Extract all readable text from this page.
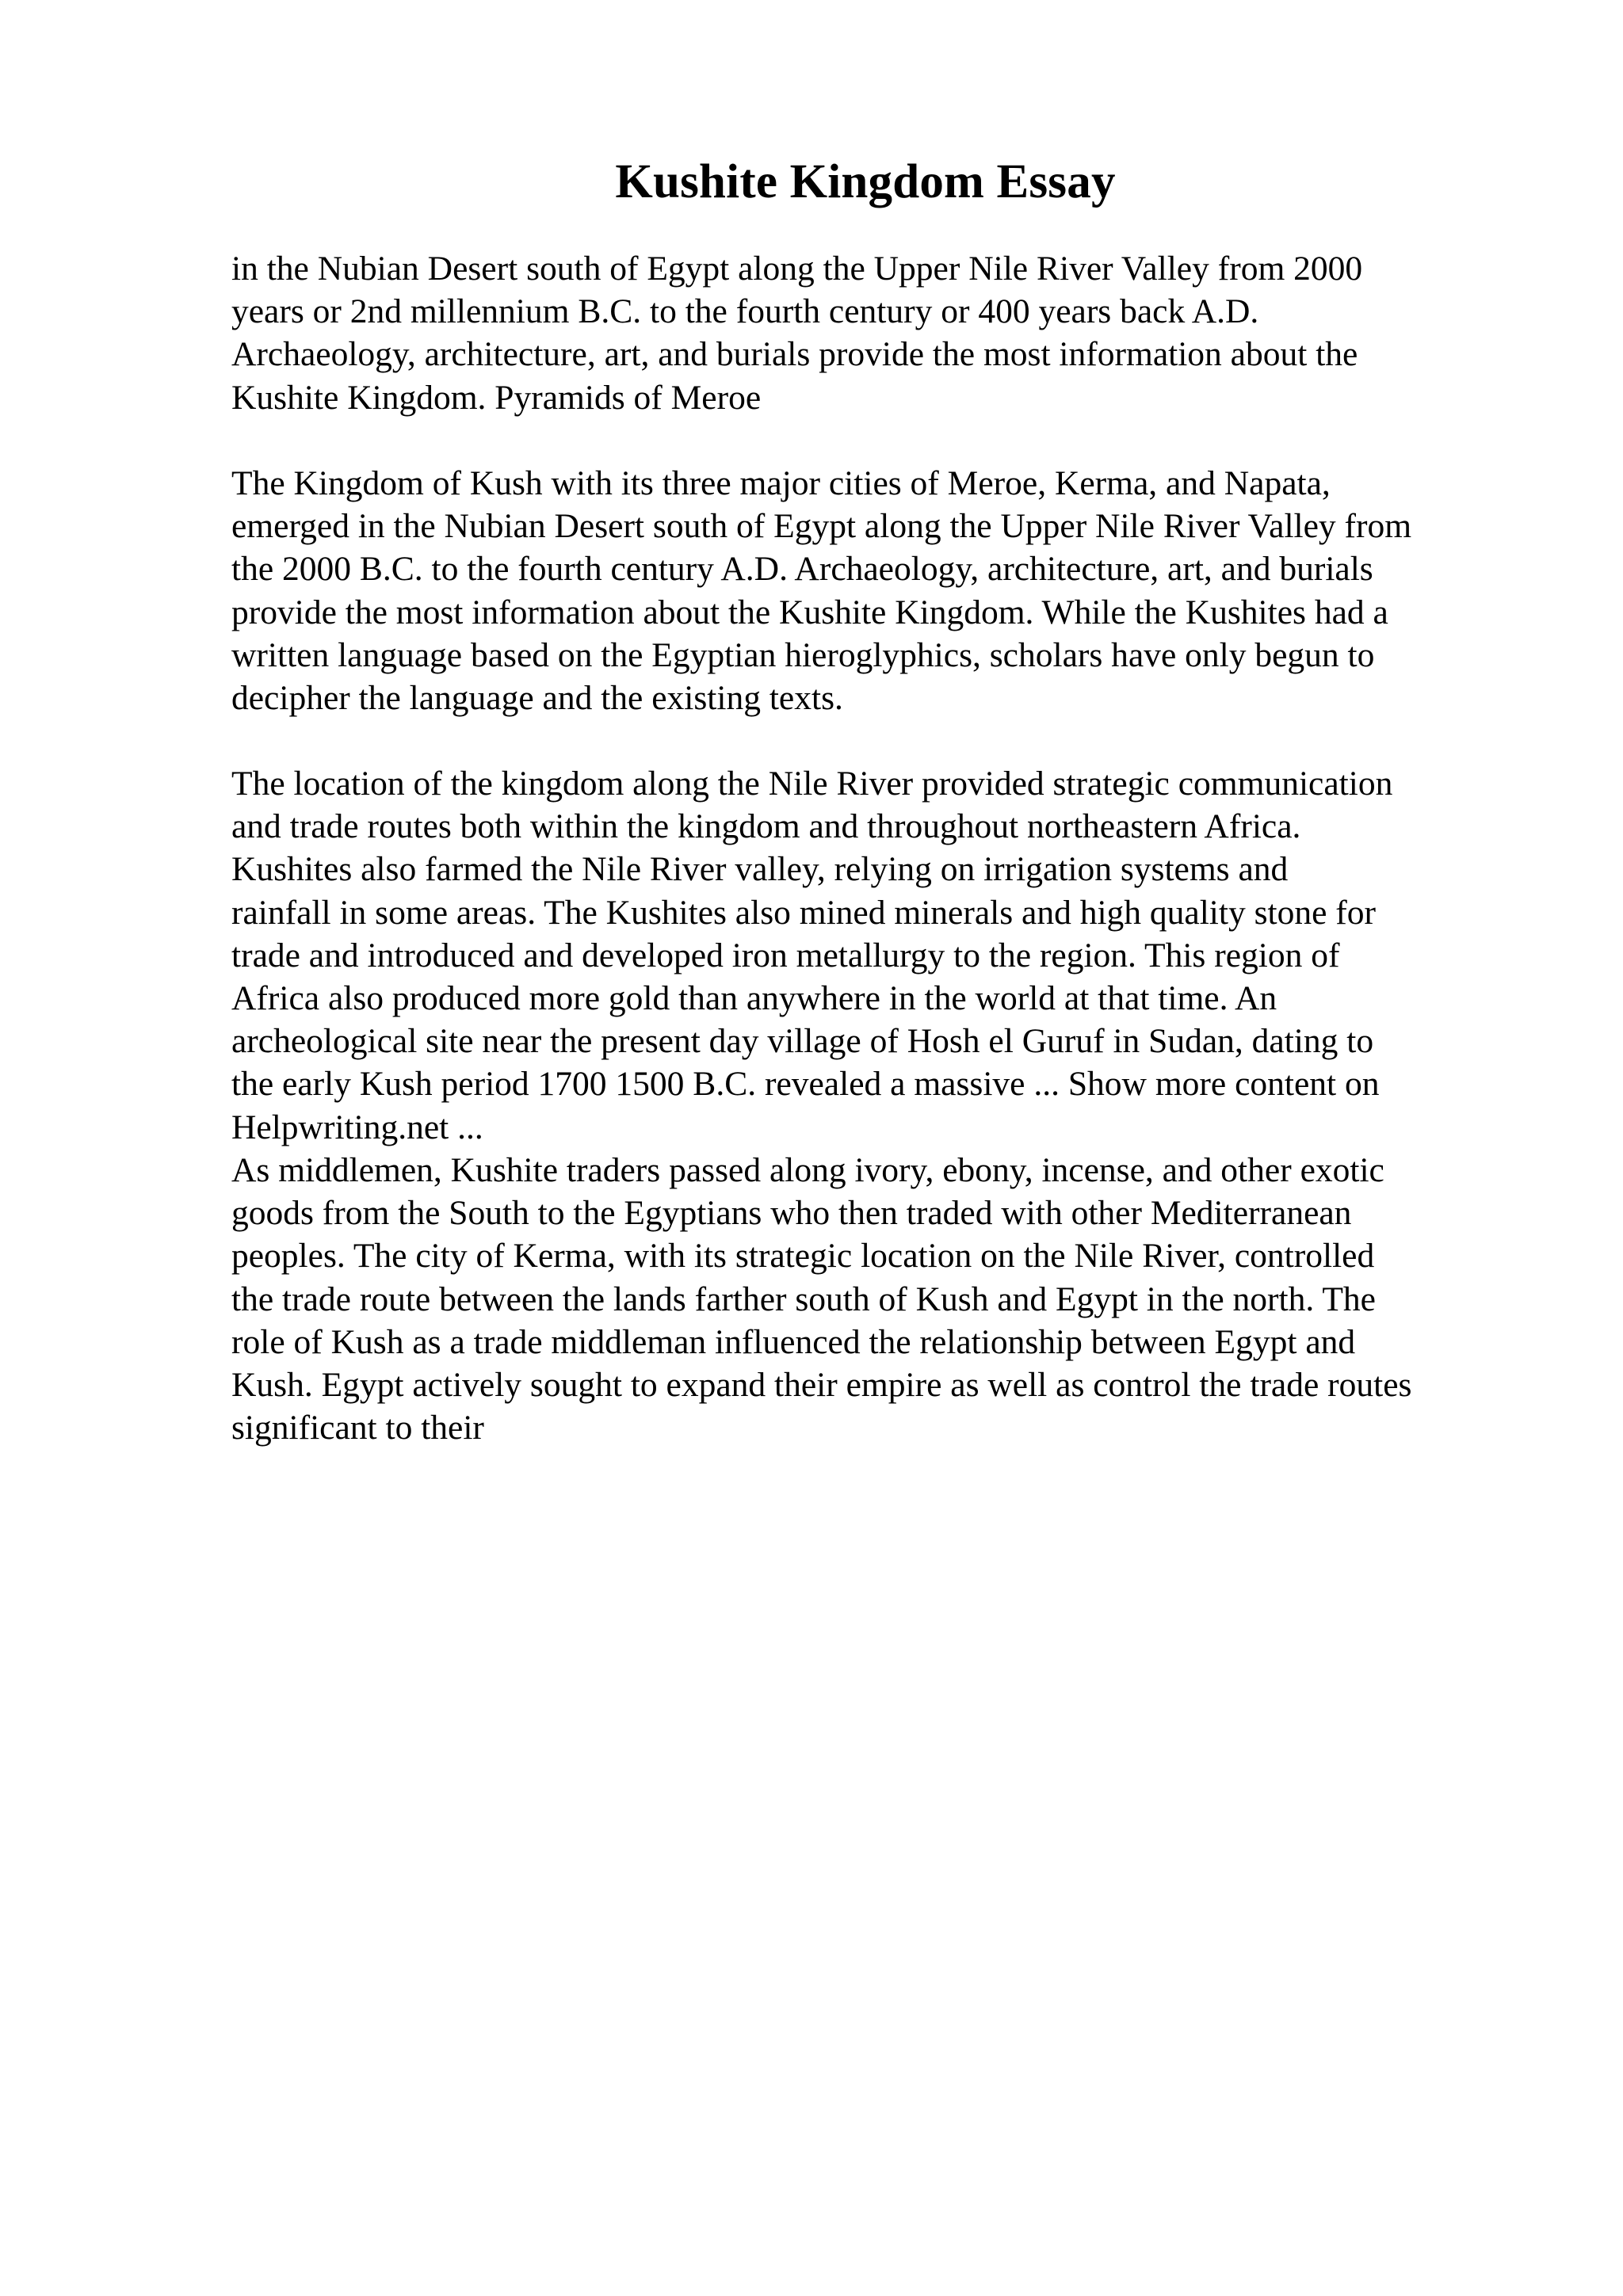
Kushite Kingdom Essay

in the Nubian Desert south of Egypt along the Upper Nile River Valley from 2000
years or 2nd millennium B.C. to the fourth century or 400 years back A.D.
Archaeology, architecture, art, and burials provide the most information about the
Kushite Kingdom. Pyramids of Meroe

The Kingdom of Kush with its three major cities of Meroe, Kerma, and Napata,
emerged in the Nubian Desert south of Egypt along the Upper Nile River Valley from
the 2000 B.C. to the fourth century A.D. Archaeology, architecture, art, and burials
provide the most information about the Kushite Kingdom. While the Kushites had a
written language based on the Egyptian hieroglyphics, scholars have only begun to
decipher the language and the existing texts.

The location of the kingdom along the Nile River provided strategic communication
and trade routes both within the kingdom and throughout northeastern Africa.
Kushites also farmed the Nile River valley, relying on irrigation systems and
rainfall in some areas. The Kushites also mined minerals and high quality stone for
trade and introduced and developed iron metallurgy to the region. This region of
Africa also produced more gold than anywhere in the world at that time. An
archeological site near the present day village of Hosh el Guruf in Sudan, dating to
the early Kush period 1700 1500 B.C. revealed a massive ... Show more content on
Helpwriting.net ...

As middlemen, Kushite traders passed along ivory, ebony, incense, and other exotic
goods from the South to the Egyptians who then traded with other Mediterranean
peoples. The city of Kerma, with its strategic location on the Nile River, controlled
the trade route between the lands farther south of Kush and Egypt in the north. The
role of Kush as a trade middleman influenced the relationship between Egypt and
Kush. Egypt actively sought to expand their empire as well as control the trade routes
significant to their
